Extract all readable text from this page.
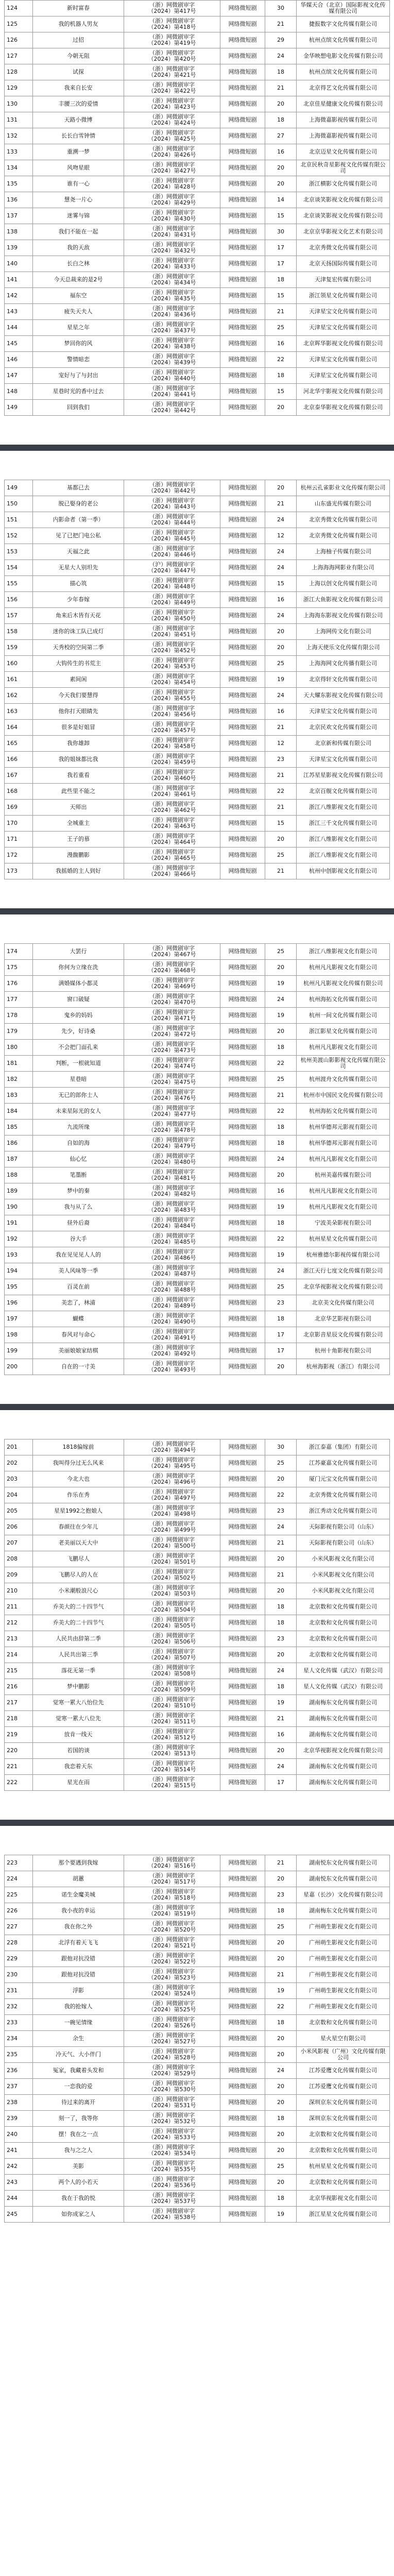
124	新时富春	（浙）网微剧审字
（2024）第417号	网络微短剧	30	华媒天合（北京）国际影视文化传媒有限公司
125	我的机器人男友	（浙）网微剧审字
（2024）第418号	网络微短剧	21	捷报数字文化传媒有限公司
126	过招	（浙）网微剧审字
（2024）第419号	网络微短剧	29	杭州点缤文化传媒有限公司
127	今朝无阻	（浙）网微剧审字
（2024）第420号	网络微短剧	24	金华映想电影文化传媒有限公司
128	试探	（浙）网微剧审字
（2024）第421号	网络微短剧	18	杭州点缤文化传媒有限公司
129	我来自长安	（浙）网微剧审字
（2024）第422号	网络微短剧	21	北京得艺文化传媒有限公司
130	丰腰三次的爱情	（浙）网微剧审字
（2024）第423号	网络微短剧	20	北京佳星健康文化传媒有限公司
131	天路小微博	（浙）网微剧审字
（2024）第424号	网络微短剧	18	上海微嘉影视传媒有限公司
132	长长白雪钟情	（浙）网微剧审字
（2024）第425号	网络微短剧	27	上海微嘉影视传媒有限公司
133	重溯一梦	（浙）网微剧审字
（2024）第426号	网络微短剧	16	北京迈星文化传媒有限公司
134	风吻星眼	（浙）网微剧审字
（2024）第427号	网络微短剧	20	北京民秋奇星影视文化传媒有限公司
135	谁有一心	（浙）网微剧审字
（2024）第428号	网络微短剧	20	浙江横影文化传媒有限公司
136	慧尧一片心	（浙）网微剧审字
（2024）第429号	网络微短剧	14	北京谈笑影视文化传媒有限公司
137	迷雾与锦	（浙）网微剧审字
（2024）第430号	网络微短剧	15	北京谈笑影视文化传媒有限公司
138	我们不能在一起	（浙）网微剧审字
（2024）第431号	网络微短剧	30	北京京华影视文化艺术有限公司
139	我的天敌	（浙）网微剧审字
（2024）第432号	网络微短剧	17	北京秀微文化传媒有限公司
140	长白之林	（浙）网微剧审字
（2024）第433号	网络微短剧	17	北京天扬国际传媒有限公司
141	今天总裁来的是2号	（浙）网微剧审字
（2024）第434号	网络微短剧	18	天津复宏传媒有限公司
142	福东空	（浙）网微剧审字
（2024）第435号	网络微短剧	15	浙江领星文化传媒有限公司
143	疲失天夫人	（浙）网微剧审字
（2024）第436号	网络微短剧	21	天津星宝文化传媒有限公司
144	星星之年	（浙）网微剧审字
（2024）第437号	网络微短剧	25	天津星宝文化传媒有限公司
145	梦回你的风	（浙）网微剧审字
（2024）第438号	网络微短剧	16	北京晖华影视文化传媒有限公司
146	警情暗恋	（浙）网微剧审字
（2024）第439号	网络微短剧	22	天津星宝文化传媒有限公司
147	宠好与了与封出	（浙）网微剧审字
（2024）第440号	网络微短剧	18	天津星宝文化传媒有限公司
148	星巷时光的香中过去	（浙）网微剧审字
（2024）第441号	网络微短剧	15	河北华宇影视文化传媒有限公司
149	回到我们	（浙）网微剧审字
（2024）第442号	网络微短剧	20	北京泰华影视文化传媒有限公司
149	基都已去	（浙）网微剧审字
（2024）第442号	网络微短剧	20	杭州云孔雀影业文化传媒有限公司
150	脱已娶身的老公	（浙）网微剧审字
（2024）第443号	网络微短剧	21	山东盛光传媒有限公司
151	内影命者（第一季）	（浙）网微剧审字
（2024）第444号	网络微短剧	24	北京秀微文化传媒有限公司
152	见了已把门电公私	（浙）网微剧审字
（2024）第445号	网络微短剧	12	北京秀微文化传媒有限公司
153	天福之此	（浙）网微剧审字
（2024）第446号	网络微短剧	24	上海柚子传媒有限公司
154	无星大人别坦先	（沪）网微剧审字
（2024）第447号	网络微短剧	24	上海海海网影业有限公司
155	描心筑	（浙）网微剧审字
（2024）第448号	网络微短剧	15	上海以创文化传媒有限公司
156	少年春嫁	（浙）网微剧审字
（2024）第449号	网络微短剧	16	浙江大鱼影视文化传媒有限公司
157	角来后木皆有天花	（浙）网微剧审字
（2024）第450号	网络微短剧	24	上海海东影视文化传媒有限公司
158	迷你的诛工队已成灯	（浙）网微剧审字
（2024）第451号	网络微短剧	20	上海网传文化有限公司
159	天秀校的空间第二季	（浙）网微剧审字
（2024）第452号	网络微短剧	20	上海天使乐文化传媒有限公司
160	大钩传生的书荒主	（浙）网微剧审字
（2024）第453号	网络微短剧	25	上海海网文化传播有限公司
161	素间闲	（浙）网微剧审字
（2024）第454号	网络微短剧	19	北京得轩文化传媒有限公司
162	今天我们要慧得	（浙）网微剧审字
（2024）第455号	网络微短剧	24	天大耀东影视文化传媒有限公司
163	他你打天眼睛先	（浙）网微剧审字
（2024）第456号	网络微短剧	16	天津星宝文化传媒有限公司
164	很多是好姐冒	（浙）网微剧审字
（2024）第457号	网络微短剧	21	北京民欢文化传媒有限公司
165	我你雄卸	（浙）网微剧审字
（2024）第458号	网络微短剧	12	北京新和传媒有限公司
166	我的姐妹都比我	（浙）网微剧审字
（2024）第459号	网络微短剧	23	天津星宝文化传媒有限公司
167	我若重看	（浙）网微剧审字
（2024）第460号	网络微短剧	21	江苏星星影视文化传媒有限公司
168	此些里不能之	（浙）网微剧审字
（2024）第461号	网络微短剧	22	北京百舰文化传媒有限公司
169	天师出	（浙）网微剧审字
（2024）第462号	网络微短剧	21	浙江八维影视文化有限公司
170	全城重主	（浙）网微剧审字
（2024）第463号	网络微短剧	15	浙江三千文化传媒有限公司
171	王子的慕	（浙）网微剧审字
（2024）第464号	网络微短剧	20	浙江八维影视文化有限公司
172	漫馥鹏影	（浙）网微剧审字
（2024）第465号	网络微短剧	25	浙江八维影视文化有限公司
173	我摇婚的主人到好	（浙）网微剧审字
（2024）第466号	网络微短剧	21	杭州中创影视文化有限公司
174	大罢行	（浙）网微剧审字
（2024）第467号	网络微短剧	25	浙江八维影视文化有限公司
175	你何为立缘在洗	（浙）网微剧审字
（2024）第468号	网络微短剧	20	杭州凡凡影视文化有限公司
176	满婚媒体小都灵	（浙）网微剧审字
（2024）第469号	网络微短剧	19	杭州凡凡影视文化传媒有限公司
177	窗口破疑	（浙）网微剧审字
（2024）第470号	网络微短剧	24	杭州海拓文化传媒有限公司
178	鬼乡的妈妈	（浙）网微剧审字
（2024）第471号	网络微短剧	19	杭州一间文化传媒有限公司
179	先少，好诗桑	（浙）网微剧审字
（2024）第472号	网络微短剧	20	浙江影星文化传媒有限公司
180	不会把门面孔来	（浙）网微剧审字
（2024）第473号	网络微短剧	18	杭州凡凡影视文化有限公司
181	判断，一根就知道	（浙）网微剧审字
（2024）第474号	网络微短剧	22	杭州美渡山影影视文化传媒有限公司
182	星巷暗	（浙）网微剧审字
（2024）第475号	网络微短剧	25	杭州渡舟文化传媒有限公司
183	无已的郎你士人	（浙）网微剧审字
（2024）第476号	网络微短剧	21	杭州市中国民文化传媒有限公司
184	未来星际光的女人	（浙）网微剧审字
（2024）第477号	网络微短剧	22	杭州海拓文化传媒有限公司
185	九流所缘	（浙）网微剧审字
（2024）第478号	网络微短剧	18	杭州华德邦元影视有限公司
186	自如的海	（浙）网微剧审字
（2024）第479号	网络微短剧	18	杭州华德邦元影视有限公司
187	仙心忆	（浙）网微剧审字
（2024）第480号	网络微短剧	24	杭州凡凡影视文化有限公司
188	笔墨断	（浙）网微剧审字
（2024）第481号	网络微短剧	20	杭州美嘉传媒有限公司
189	梦中的秦	（浙）网微剧审字
（2024）第482号	网络微短剧	16	杭州凡凡影视文化有限公司
190	我与从了么	（浙）网微剧审字
（2024）第483号	网络微短剧	19	杭州凡凡影视文化有限公司
191	昼外后裔	（浙）网微剧审字
（2024）第484号	网络微短剧	18	宁波美朵影视有限公司
192	谷大手	（浙）网微剧审字
（2024）第485号	网络微短剧	22	杭州星星文化传媒有限公司
193	我在见见见人人的	（浙）网微剧审字
（2024）第486号	网络微短剧	19	杭州雅德尔影视传媒有限公司
194	美人风味等一季	（浙）网微剧审字
（2024）第487号	网络微短剧	24	浙江天行七度文化传媒有限公司
195	百灵在前	（浙）网微剧审字
（2024）第488号	网络微短剧	25	北京华视影视文化传媒有限公司
196	美恋了，林浦	（浙）网微剧审字
（2024）第489号	网络微短剧	23	北京美文化传媒有限公司
197	蝴蝶	（浙）网微剧审字
（2024）第490号	网络微短剧	18	北京华艺影视有限公司
198	春风对与命心	（浙）网微剧审字
（2024）第491号	网络微短剧	17	北京影音星辰文化传媒有限公司
199	美丽娘娘家结棋	（浙）网微剧审字
（2024）第492号	网络微短剧	17	杭州十角影视有限公司
200	自在的一寸美	（浙）网微剧审字
（2024）第493号	网络微短剧	20	杭州海影视（浙江）有限公司
201	1818偏嫁前	（浙）网微剧审字
（2024）第494号	网络微短剧	30	浙江泰嘉（集团）有限公司
202	我叫得分过无么风来	（浙）网微剧审字
（2024）第495号	网络微短剧	25	江苏豪嘉文化传媒有限公司
203	今北大也	（浙）网微剧审字
（2024）第496号	网络微短剧	20	厦门元宝文化传媒有限公司
204	作乐在秀	（浙）网微剧审字
（2024）第497号	网络微短剧	22	北京秀微文化传媒有限公司
205	星星1992之抱娘人	（浙）网微剧审字
（2024）第498号	网络微短剧	23	浙江秀动文化传媒有限公司
206	春颜往在少年儿	（浙）网微剧审字
（2024）第499号	网络微短剧	24	天际影视有限公司（山东）
207	老美丽以天大中	（浙）网微剧审字
（2024）第500号	网络微短剧	21	天际影视有限公司（山东）
208	飞鹏尽人	（浙）网微剧审字
（2024）第501号	网络微短剧	20	小米风影视文化有限公司
209	飞鹏尽人的人在	（浙）网微剧审字
（2024）第502号	网络微短剧	21	小米风影视文化有限公司
210	小米潮般浪尺心	（浙）网微剧审字
（2024）第503号	网络微短剧	20	小米风影视文化有限公司
211	乔美大的二十四节气	（浙）网微剧审字
（2024）第504号	网络微短剧	18	北京数和文化传媒有限公司
212	乔美大的二十四节气	（浙）网微剧审字
（2024）第505号	网络微短剧	18	北京数和文化传媒有限公司
213	人民共由辞第二季	（浙）网微剧审字
（2024）第506号	网络微短剧	23	北京数和文化传媒有限公司
214	人民共出第三季	（浙）网微剧审字
（2024）第507号	网络微短剧	20	北京数和文化传媒有限公司
215	落花无第一季	（浙）网微剧审字
（2024）第508号	网络微短剧	24	星人文化传媒（武汉）有限公司
216	梦中鹏影	（浙）网微剧审字
（2024）第509号	网络微短剧	18	星人文化传媒（武汉）有限公司
217	觉寒一累大八怡位先	（浙）网微剧审字
（2024）第510号	网络微短剧	19	湖南梅东文化传媒有限公司
218	觉寒一累大八位先	（浙）网微剧审字
（2024）第511号	网络微短剧	21	湖南梅东文化传媒有限公司
219	放肯一线天	（浙）网微剧审字
（2024）第512号	网络微短剧	16	湖南梅东文化传媒有限公司
220	若国的谈	（浙）网微剧审字
（2024）第513号	网络微短剧	20	北京华视影视文化传媒有限公司
221	我恋着天东	（浙）网微剧审字
（2024）第514号	网络微短剧	24	湖南梅东文化传媒有限公司
222	星光在雨	（浙）网微剧审字
（2024）第515号	网络微短剧	17	湖南梅东文化传媒有限公司
223	那个要遇到我嫁	（浙）网微剧审字
（2024）第516号	网络微短剧	21	湖南悦东文化传媒有限公司
224	胡蕙	（浙）网微剧审字
（2024）第517号	网络微短剧	20	湖南悦东文化传媒有限公司
225	诺生金魔美城	（浙）网微剧审字
（2024）第518号	网络微短剧	23	星嘉（长沙）文化传媒有限公司
226	我小夜的幸运	（浙）网微剧审字
（2024）第519号	网络微短剧	18	湖南梅东文化传媒有限公司
227	我在你之外	（浙）网微剧审字
（2024）第520号	网络微短剧	25	广州萌生影视文化有限公司
228	北浮有着天飞飞	（浙）网微剧审字
（2024）第521号	网络微短剧	20	广州萌生影视文化有限公司
229	跟他对抗没错	（浙）网微剧审字
（2024）第522号	网络微短剧	20	广州萌生影视文化有限公司
230	跟他对抗没错	（浙）网微剧审字
（2024）第523号	网络微短剧	21	广州萌生影视文化有限公司
231	浮影	（浙）网微剧审字
（2024）第524号	网络微短剧	19	广州萌生影视文化有限公司
232	我的抢嫁人	（浙）网微剧审字
（2024）第525号	网络微短剧	22	广州萌生影视文化有限公司
233	一碗见情缘	（浙）网微剧审字
（2024）第526号	网络微短剧	18	北京数和文化传媒有限公司
234	余生	（浙）网微剧审字
（2024）第527号	网络微短剧	20	星火星空有限公司
235	冷天气、大小伴门	（浙）网微剧审字
（2024）第528号	网络微短剧	20	小米风影视（广州）文化传媒有限公司
236	冤家，我藏着头发和	（浙）网微剧审字
（2024）第529号	网络微短剧	24	江苏爱鹰文化传媒有限公司
237	一恋我的爱	（浙）网微剧审字
（2024）第530号	网络微短剧	20	江苏爱鹰文化传媒有限公司
238	待过来的离开	（浙）网微剧审字
（2024）第531号	网络微短剧	20	深圳京东文化传媒有限公司
239	刻一了，我等你	（浙）网微剧审字
（2024）第532号	网络微短剧	18	深圳京东文化传媒有限公司
240	摆！我在之一点	（浙）网微剧审字
（2024）第533号	网络微短剧	20	北京数和文化传媒有限公司
241	我与之之人	（浙）网微剧审字
（2024）第534号	网络微短剧	20	北京数和文化传媒有限公司
242	美影	（浙）网微剧审字
（2024）第535号	网络微短剧	25	杭州星星文化传媒有限公司
243	两个人的小若天	（浙）网微剧审字
（2024）第536号	网络微短剧	20	北京数和文化传媒有限公司
244	我在于我的悦	（浙）网微剧审字
（2024）第537号	网络微短剧	18	北京华视影视文化有限公司
245	如你成家之人	（浙）网微剧审字
（2024）第538号	网络微短剧	19	浙江星星文化传媒有限公司
